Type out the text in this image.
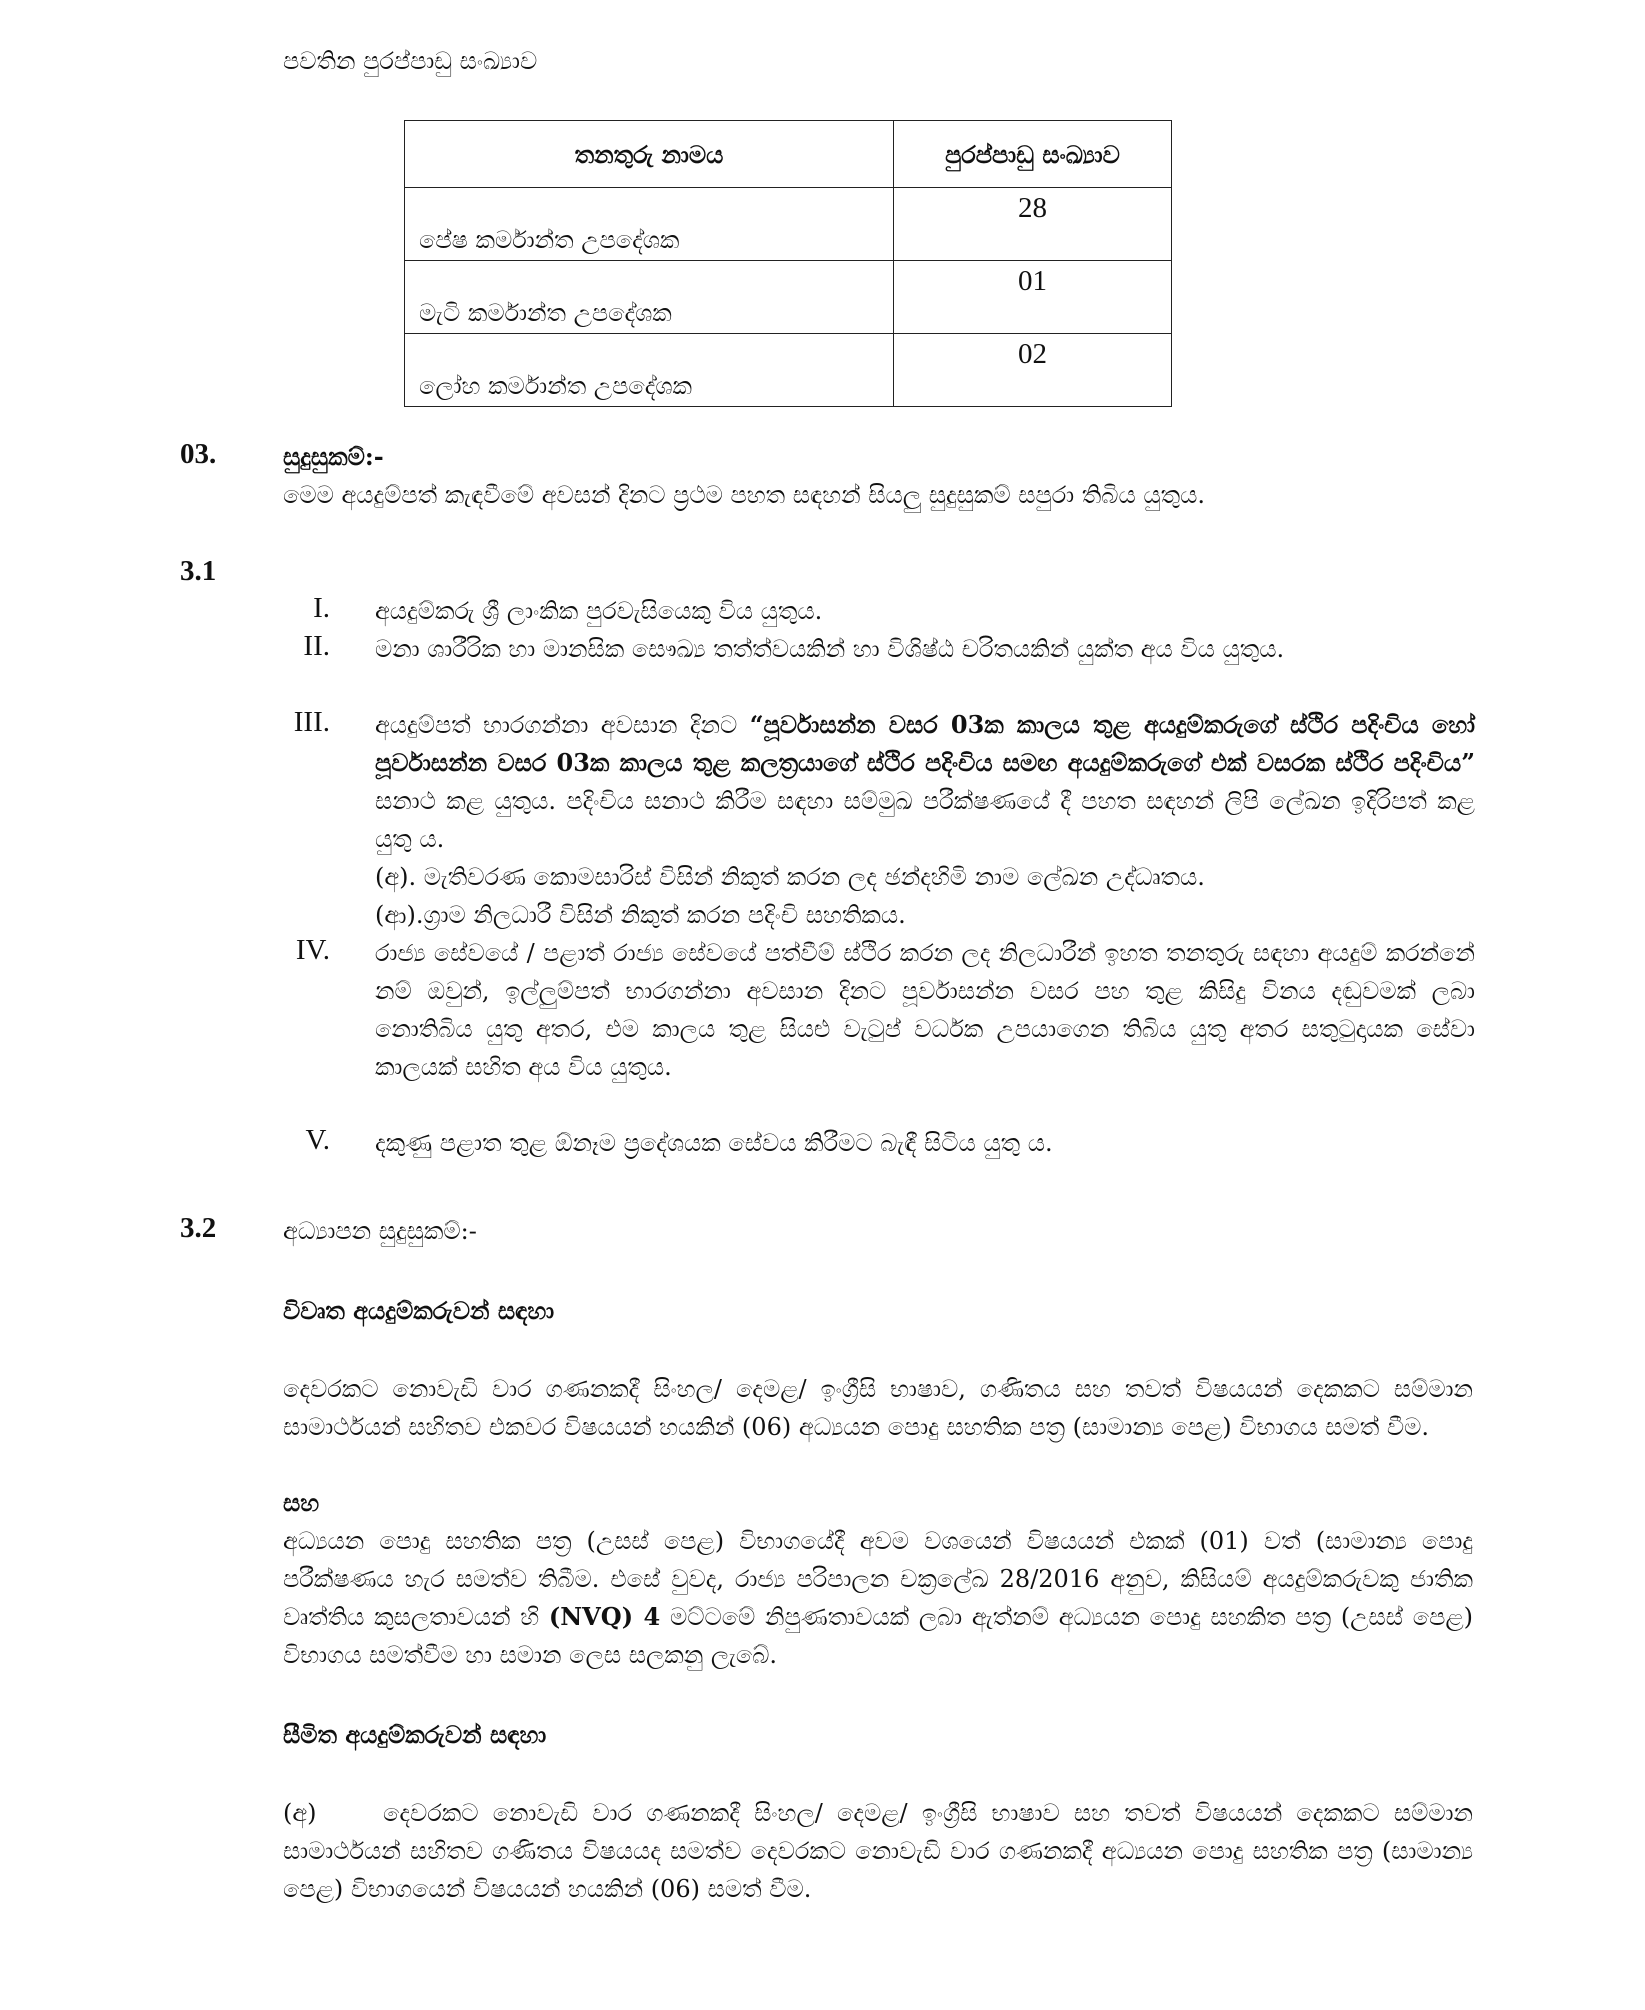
පවතින පුරප්පාඩු සංඛ්‍යාව
තනතුරු නාමය	පුරප්පාඩු සංඛ්‍යාව
පේෂ කර්මාන්ත උපදේශක	28
මැටි කර්මාන්ත උපදේශක	01
ලෝහ කර්මාන්ත උපදේශක	02
03.	සුදුසුකම්:-
මෙම අයදුම්පත් කැඳවීමේ අවසන් දිනට ප්‍රථම පහත සඳහන් සියලු සුදුසුකම් සපුරා තිබිය යුතුය.
3.1
I. අයදුම්කරු ශ්‍රී ලාංකික පුරවැසියෙකු විය යුතුය.
II. මනා ශාරීරික හා මානසික සෞඛ්‍ය තත්ත්වයකින් හා විශිෂ්ඨ චරිතයකින් යුක්ත අය විය යුතුය.
III. අයදුම්පත් භාරගන්නා අවසාන දිනට “පූර්වාසන්න වසර 03ක කාලය තුළ අයදුම්කරුගේ ස්ථිර පදිංචිය හෝ පූර්වාසන්න වසර 03ක කාලය තුළ කලත්‍රයාගේ ස්ථිර පදිංචිය සමඟ අයදුම්කරුගේ එක් වසරක ස්ථිර පදිංචිය” සනාථ කළ යුතුය. පදිංචිය සනාථ කිරීම සඳහා සම්මුඛ පරීක්ෂණයේ දී පහත සඳහන් ලිපි ලේඛන ඉදිරිපත් කළ යුතු ය.
(අ). මැතිවරණ කොමසාරිස් විසින් නිකුත් කරන ලද ඡන්දහිමි නාම ලේඛන උද්ධෘතය.
(ආ).ග්‍රාම නිලධාරී විසින් නිකුත් කරන පදිංචි සහතිකය.
IV. රාජ්‍ය සේවයේ / පළාත් රාජ්‍ය සේවයේ පත්වීම් ස්ථිර කරන ලද නිලධාරීන් ඉහත තනතුරු සඳහා අයදුම් කරන්නේ නම් ඔවුන්, ඉල්ලුම්පත් භාරගන්නා අවසාන දිනට පූර්වාසන්න වසර පහ තුළ කිසිදු විනය දඬුවමක් ලබා නොතිබිය යුතු අතර, එම කාලය තුළ සියළු වැටුප් වර්ධක උපයාගෙන තිබිය යුතු අතර සතුටුදායක සේවා කාලයක් සහිත අය විය යුතුය.
V. දකුණු පළාත තුළ ඕනෑම ප්‍රදේශයක සේවය කිරීමට බැඳී සිටිය යුතු ය.
3.2	අධ්‍යාපන සුදුසුකම්:-
විවෘත අයදුම්කරුවන් සඳහා
දෙවරකට නොවැඩි වාර ගණනකදී සිංහල/ දෙමළ/ ඉංග්‍රීසි භාෂාව, ගණිතය සහ තවත් විෂයයන් දෙකකට සම්මාන සාමාර්ථයන් සහිතව එකවර විෂයයන් හයකින් (06) අධ්‍යයන පොදු සහතික පත්‍ර (සාමාන්‍ය පෙළ) විභාගය සමත් වීම.
සහ
අධ්‍යයන පොදු සහතික පත්‍ර (උසස් පෙළ) විභාගයේදී අවම වශයෙන් විෂයයන් එකක් (01) වත් (සාමාන්‍ය පොදු පරීක්ෂණය හැර සමත්ව තිබීම. එසේ වුවද, රාජ්‍ය පරිපාලන චක්‍රලේඛ 28/2016 අනුව, කිසියම් අයදුම්කරුවකු ජාතික වෘත්තිය කුසලතාවයන් හි (NVQ) 4 මට්ටමේ නිපුණතාවයක් ලබා ඇත්නම් අධ්‍යයන පොදු සහකිත පත්‍ර (උසස් පෙළ) විභාගය සමත්වීම හා සමාන ලෙස සලකනු ලැබේ.
සීමිත අයදුම්කරුවන් සඳහා
(අ)	දෙවරකට නොවැඩි වාර ගණනකදී සිංහල/ දෙමළ/ ඉංග්‍රීසි භාෂාව සහ තවත් විෂයයන් දෙකකට සම්මාන සාමාර්ථයන් සහිතව ගණිතය විෂයයද සමත්ව දෙවරකට නොවැඩි වාර ගණනකදී අධ්‍යයන පොදු සහතික පත්‍ර (සාමාන්‍ය පෙළ) විභාගයෙන් විෂයයන් හයකින් (06) සමත් වීම.
